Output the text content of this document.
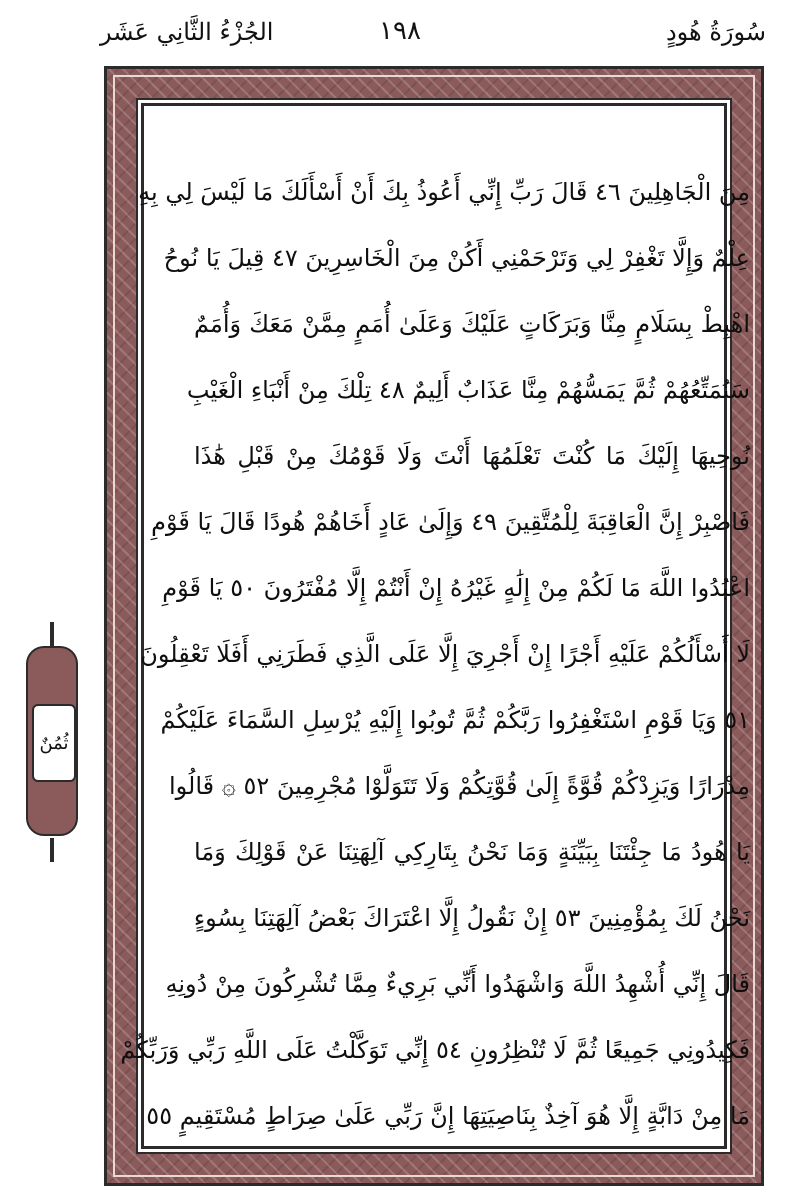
سُورَةُ هُودٍ
١٩٨
الجُزْءُ الثَّانِي عَشَر
مِنَ الْجَاهِلِينَ ٤٦ قَالَ رَبِّ إِنِّي أَعُوذُ بِكَ أَنْ أَسْأَلَكَ مَا لَيْسَ لِي بِهِ
عِلْمٌ وَإِلَّا تَغْفِرْ لِي وَتَرْحَمْنِي أَكُنْ مِنَ الْخَاسِرِينَ ٤٧ قِيلَ يَا نُوحُ
اهْبِطْ بِسَلَامٍ مِنَّا وَبَرَكَاتٍ عَلَيْكَ وَعَلَىٰ أُمَمٍ مِمَّنْ مَعَكَ وَأُمَمٌ
سَنُمَتِّعُهُمْ ثُمَّ يَمَسُّهُمْ مِنَّا عَذَابٌ أَلِيمٌ ٤٨ تِلْكَ مِنْ أَنْبَاءِ الْغَيْبِ
نُوحِيهَا إِلَيْكَ مَا كُنْتَ تَعْلَمُهَا أَنْتَ وَلَا قَوْمُكَ مِنْ قَبْلِ هَٰذَا
فَاصْبِرْ إِنَّ الْعَاقِبَةَ لِلْمُتَّقِينَ ٤٩ وَإِلَىٰ عَادٍ أَخَاهُمْ هُودًا قَالَ يَا قَوْمِ
اعْبُدُوا اللَّهَ مَا لَكُمْ مِنْ إِلَٰهٍ غَيْرُهُ إِنْ أَنْتُمْ إِلَّا مُفْتَرُونَ ٥٠ يَا قَوْمِ
لَا أَسْأَلُكُمْ عَلَيْهِ أَجْرًا إِنْ أَجْرِيَ إِلَّا عَلَى الَّذِي فَطَرَنِي أَفَلَا تَعْقِلُونَ
٥١ وَيَا قَوْمِ اسْتَغْفِرُوا رَبَّكُمْ ثُمَّ تُوبُوا إِلَيْهِ يُرْسِلِ السَّمَاءَ عَلَيْكُمْ
مِدْرَارًا وَيَزِدْكُمْ قُوَّةً إِلَىٰ قُوَّتِكُمْ وَلَا تَتَوَلَّوْا مُجْرِمِينَ ٥٢ ۞ قَالُوا
يَا هُودُ مَا جِئْتَنَا بِبَيِّنَةٍ وَمَا نَحْنُ بِتَارِكِي آلِهَتِنَا عَنْ قَوْلِكَ وَمَا
نَحْنُ لَكَ بِمُؤْمِنِينَ ٥٣ إِنْ نَقُولُ إِلَّا اعْتَرَاكَ بَعْضُ آلِهَتِنَا بِسُوءٍ
قَالَ إِنِّي أُشْهِدُ اللَّهَ وَاشْهَدُوا أَنِّي بَرِيءٌ مِمَّا تُشْرِكُونَ مِنْ دُونِهِ
فَكِيدُونِي جَمِيعًا ثُمَّ لَا تُنْظِرُونِ ٥٤ إِنِّي تَوَكَّلْتُ عَلَى اللَّهِ رَبِّي وَرَبِّكُمْ
مَا مِنْ دَابَّةٍ إِلَّا هُوَ آخِذٌ بِنَاصِيَتِهَا إِنَّ رَبِّي عَلَىٰ صِرَاطٍ مُسْتَقِيمٍ ٥٥
ثُمُنٌ
